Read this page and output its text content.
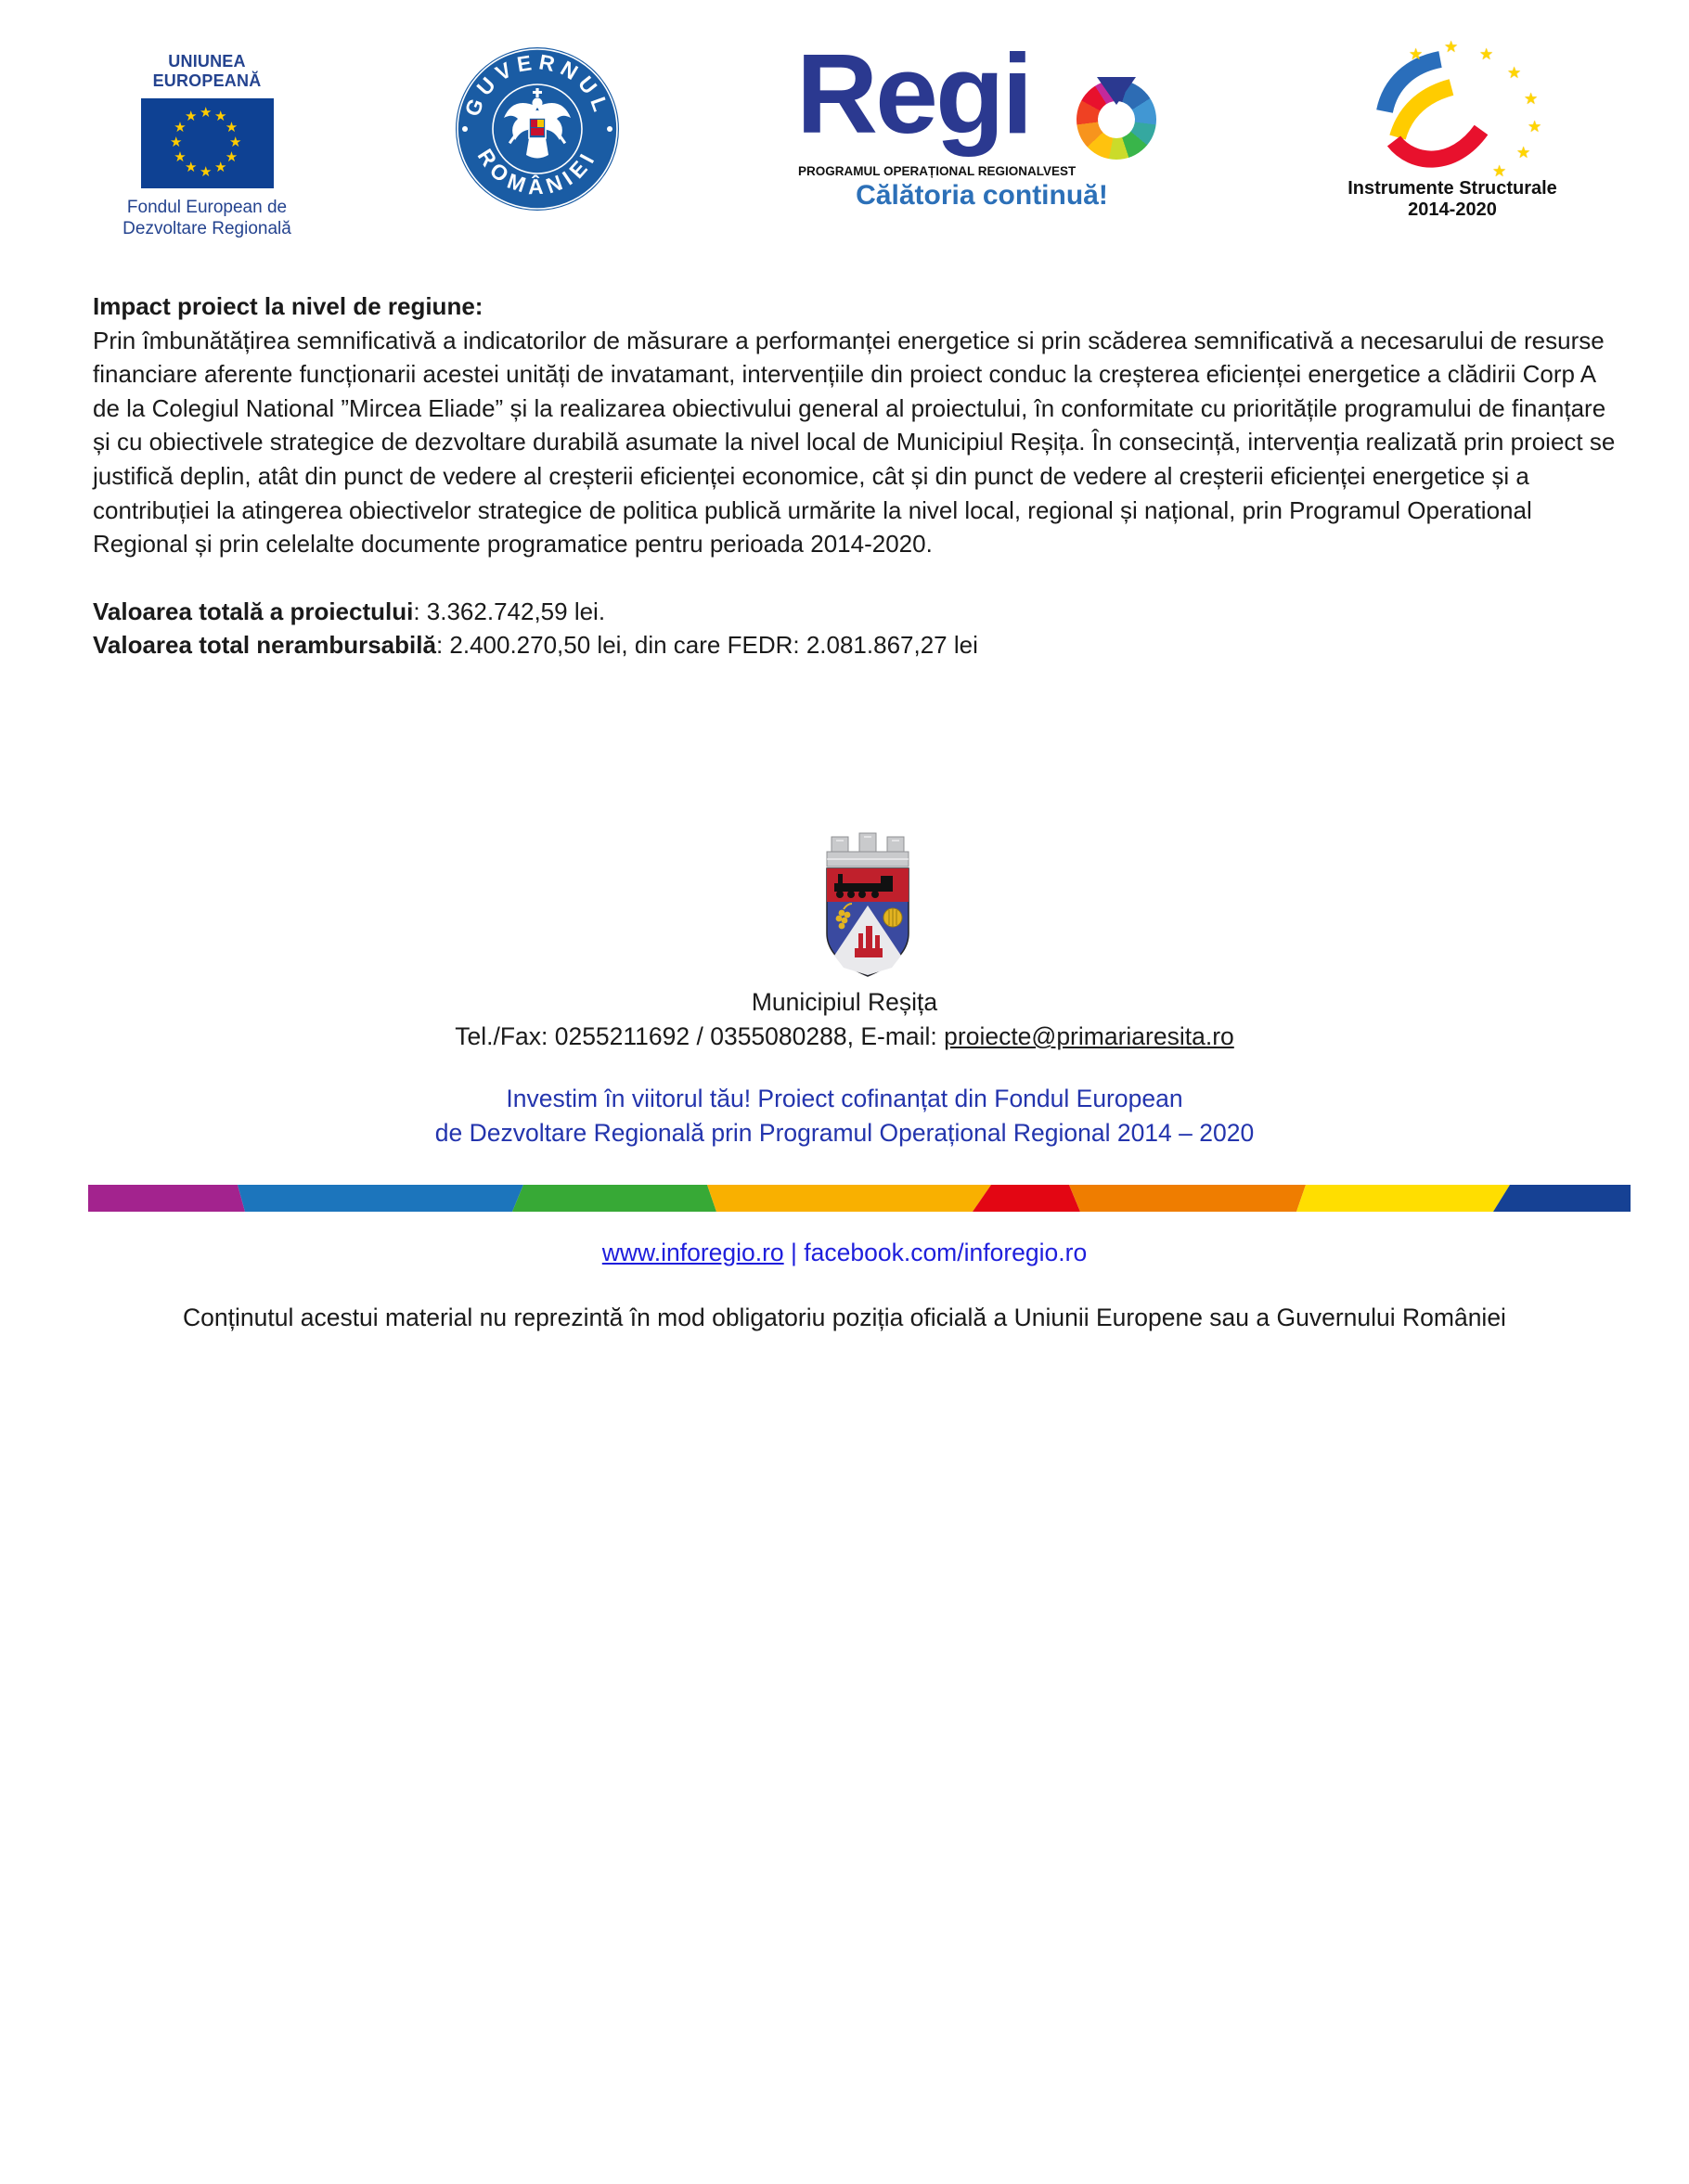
UNIUNEA EUROPEANĂ
★ ★
★
★
★
★
★
★
★
★
★
★
Fondul European de
Dezvoltare Regională
GUVERNUL
ROMÂNIEI Regi
PROGRAMUL OPERAȚIONAL REGIONAL
VEST
Călătoria continuă!
★ ★ ★
★
★
★
★
★
Instrumente Structurale
2014-2020
Impact proiect la nivel de regiune:
Prin îmbunătățirea semnificativă a indicatorilor de măsurare a performanței energetice si prin scăderea semnificativă a necesarului de resurse financiare aferente funcționarii acestei unități de invatamant, intervențiile din proiect conduc la creșterea eficienței energetice a clădirii Corp A de la Colegiul National ”Mircea Eliade” și la realizarea obiectivului general al proiectului, în conformitate cu prioritățile programului de finanțare și cu obiectivele strategice de dezvoltare durabilă asumate la nivel local de Municipiul Reșița. În consecință, intervenția realizată prin proiect se justifică deplin, atât din punct de vedere al creșterii eficienței economice, cât și din punct de vedere al creșterii eficienței energetice și a contribuției la atingerea obiectivelor strategice de politica publică urmărite la nivel local, regional și național, prin Programul Operational Regional și prin celelalte documente programatice pentru perioada 2014-2020.
Valoarea totală a proiectului: 3.362.742,59 lei.
Valoarea total nerambursabilă: 2.400.270,50 lei, din care FEDR: 2.081.867,27 lei
Municipiul Reșița
Tel./Fax: 0255211692 / 0355080288, E-mail: proiecte@primariaresita.ro
Investim în viitorul tău! Proiect cofinanțat din Fondul European
de Dezvoltare Regională prin Programul Operațional Regional 2014 – 2020
www.inforegio.ro | facebook.com/inforegio.ro
Conținutul acestui material nu reprezintă în mod obligatoriu poziția oficială a Uniunii Europene sau a Guvernului României
